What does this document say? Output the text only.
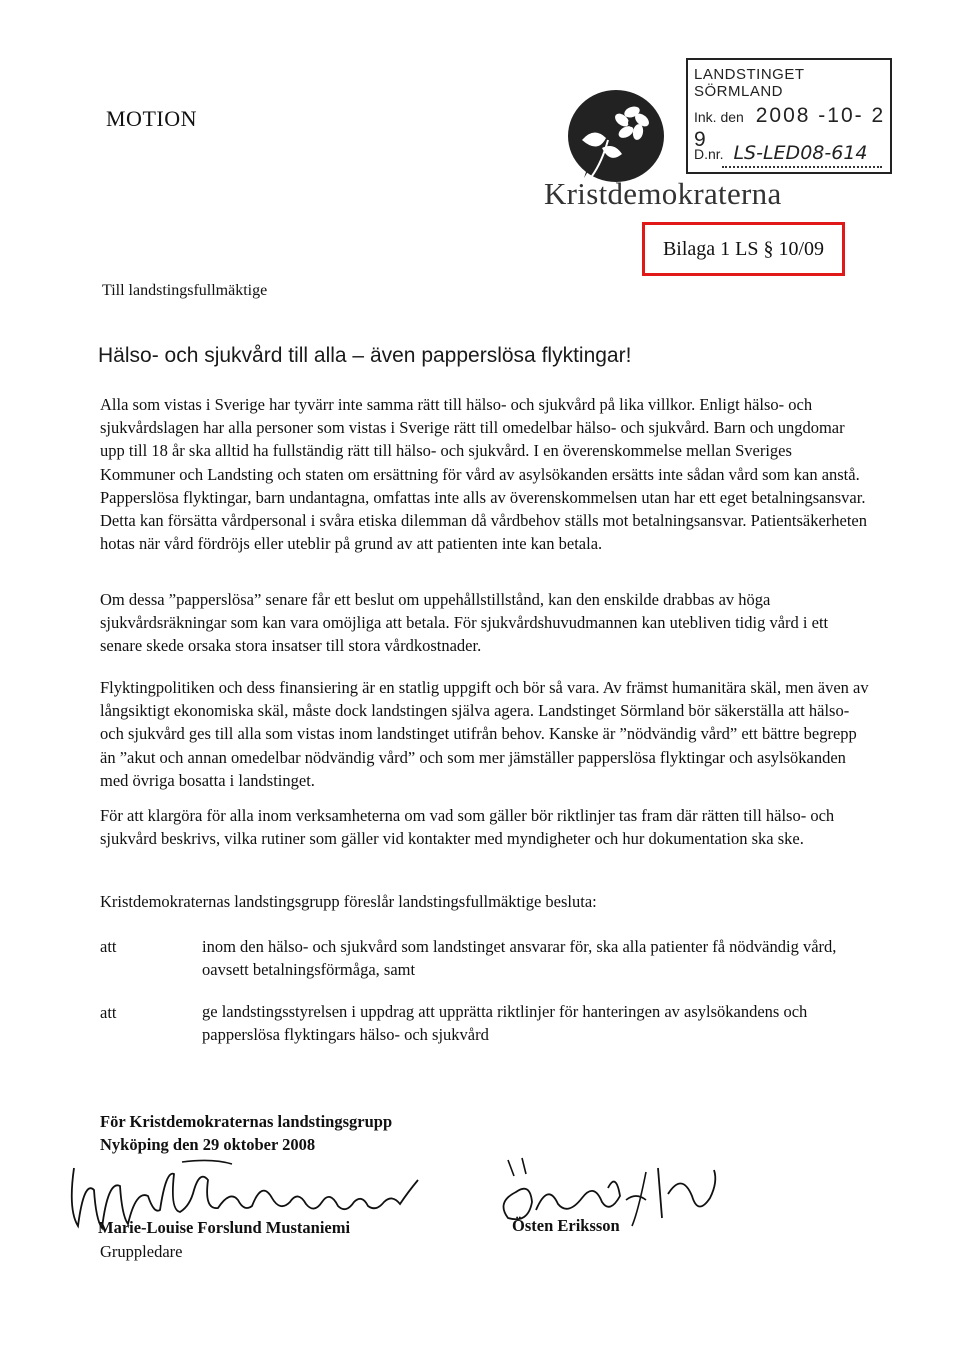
MOTION
LANDSTINGET SÖRMLAND
Ink. den 2008 -10- 2 9
D.nr. LS-LED08-614
Kristdemokraterna
Bilaga 1 LS § 10/09
Till landstingsfullmäktige
Hälso- och sjukvård till alla – även papperslösa flyktingar!
Alla som vistas i Sverige har tyvärr inte samma rätt till hälso- och sjukvård på lika villkor. Enligt hälso- och sjukvårdslagen har alla personer som vistas i Sverige rätt till omedelbar hälso- och sjukvård. Barn och ungdomar upp till 18 år ska alltid ha fullständig rätt till hälso- och sjukvård. I en överenskommelse mellan Sveriges Kommuner och Landsting och staten om ersättning för vård av asylsökanden ersätts inte sådan vård som kan anstå. Papperslösa flyktingar, barn undantagna, omfattas inte alls av överenskommelsen utan har ett eget betalningsansvar. Detta kan försätta vårdpersonal i svåra etiska dilemman då vårdbehov ställs mot betalningsansvar. Patientsäkerheten hotas när vård fördröjs eller uteblir på grund av att patienten inte kan betala.
Om dessa ”papperslösa” senare får ett beslut om uppehållstillstånd, kan den enskilde drabbas av höga sjukvårdsräkningar som kan vara omöjliga att betala. För sjukvårdshuvudmannen kan utebliven tidig vård i ett senare skede orsaka stora insatser till stora vårdkostnader.
Flyktingpolitiken och dess finansiering är en statlig uppgift och bör så vara. Av främst humanitära skäl, men även av långsiktigt ekonomiska skäl, måste dock landstingen själva agera. Landstinget Sörmland bör säkerställa att hälso- och sjukvård ges till alla som vistas inom landstinget utifrån behov. Kanske är ”nödvändig vård” ett bättre begrepp än ”akut och annan omedelbar nödvändig vård” och som mer jämställer papperslösa flyktingar och asylsökanden med övriga bosatta i landstinget.
För att klargöra för alla inom verksamheterna om vad som gäller bör riktlinjer tas fram där rätten till hälso- och sjukvård beskrivs, vilka rutiner som gäller vid kontakter med myndigheter och hur dokumentation ska ske.
Kristdemokraternas landstingsgrupp föreslår landstingsfullmäktige besluta:
att	inom den hälso- och sjukvård som landstinget ansvarar för, ska alla patienter få nödvändig vård, oavsett betalningsförmåga, samt
att	ge landstingsstyrelsen i uppdrag att upprätta riktlinjer för hanteringen av asylsökandens och papperslösa flyktingars hälso- och sjukvård
För Kristdemokraternas landstingsgrupp
Nyköping den 29 oktober 2008
Marie-Louise Forslund Mustaniemi
Gruppledare
Östen Eriksson
